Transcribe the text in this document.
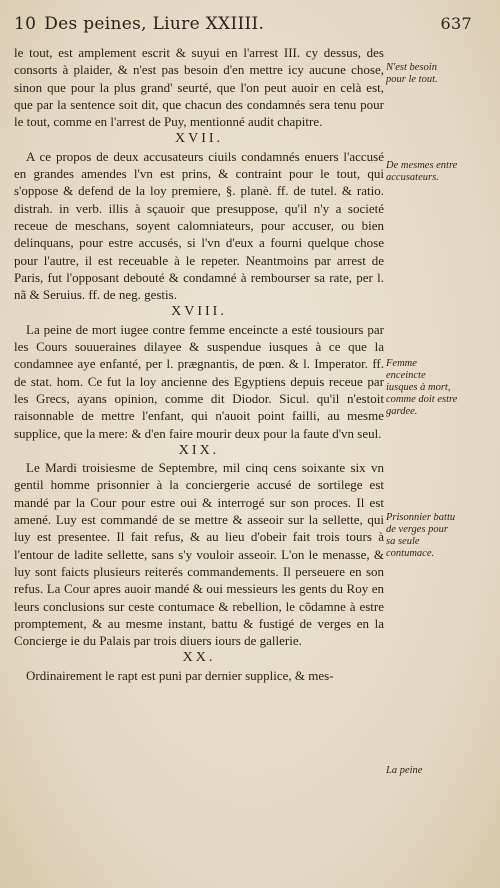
10 Des peines, Liure XXIIII.	637

le tout, est amplement escrit & suyui en l'arrest III. cy dessus, des consorts à plaider, & n'est pas besoin d'en mettre icy aucune chose, sinon que pour la plus grand' seurté, que l'on peut auoir en celà est, que par la sentence soit dit, que chacun des condamnés sera tenu pour le tout, comme en l'arrest de Puy, mentionné audit chapitre.

XVII.

A ce propos de deux accusateurs ciuils condamnés enuers l'accusé en grandes amendes l'vn est prins, & contraint pour le tout, qui s'oppose & defend de la loy premiere, §. planè. ff. de tutel. & ratio. distrah. in verb. illis à sçauoir que presuppose, qu'il n'y a societé receue de meschans, soyent calomniateurs, pour accuser, ou bien delinquans, pour estre accusés, si l'vn d'eux a fourni quelque chose pour l'autre, il est receuable à le repeter. Neantmoins par arrest de Paris, fut l'opposant debouté & condamné à rembourser sa rate, per l. nã & Seruius. ff. de neg. gestis.

XVIII.

La peine de mort iugee contre femme enceincte a esté tousiours par les Cours souueraines dilayee & suspendue iusques à ce que la condamnee aye enfanté, per l. prægnantis, de pœn. & l. Imperator. ff. de stat. hom. Ce fut la loy ancienne des Egyptiens depuis receue par les Grecs, ayans opinion, comme dit Diodor. Sicul. qu'il n'estoit raisonnable de mettre l'enfant, qui n'auoit point failli, au mesme supplice, que la mere: & d'en faire mourir deux pour la faute d'vn seul.

XIX.

Le Mardi troisiesme de Septembre, mil cinq cens soixante six vn gentil homme prisonnier à la conciergerie accusé de sortilege est mandé par la Cour pour estre oui & interrogé sur son proces. Il est amené. Luy est commandé de se mettre & asseoir sur la sellette, qui luy est presentee. Il fait refus, & au lieu d'obeir fait trois tours à l'entour de ladite sellette, sans s'y vouloir asseoir. L'on le menasse, & luy sont faicts plusieurs reiterés commandements. Il perseuere en son refus. La Cour apres auoir mandé & oui messieurs les gents du Roy en leurs conclusions sur ceste contumace & rebellion, le cõdamne à estre promptement, & au mesme instant, battu & fustigé de verges en la Concierge ie du Palais par trois diuers iours de gallerie.

XX.

Ordinairement le rapt est puni par dernier supplice, & mes-

N'est besoin pour le tout.
De mesmes entre accusateurs.
Femme enceincte iusques à mort, comme doit estre gardee.
Prisonnier battu de verges pour sa seule contumace.
La peine
